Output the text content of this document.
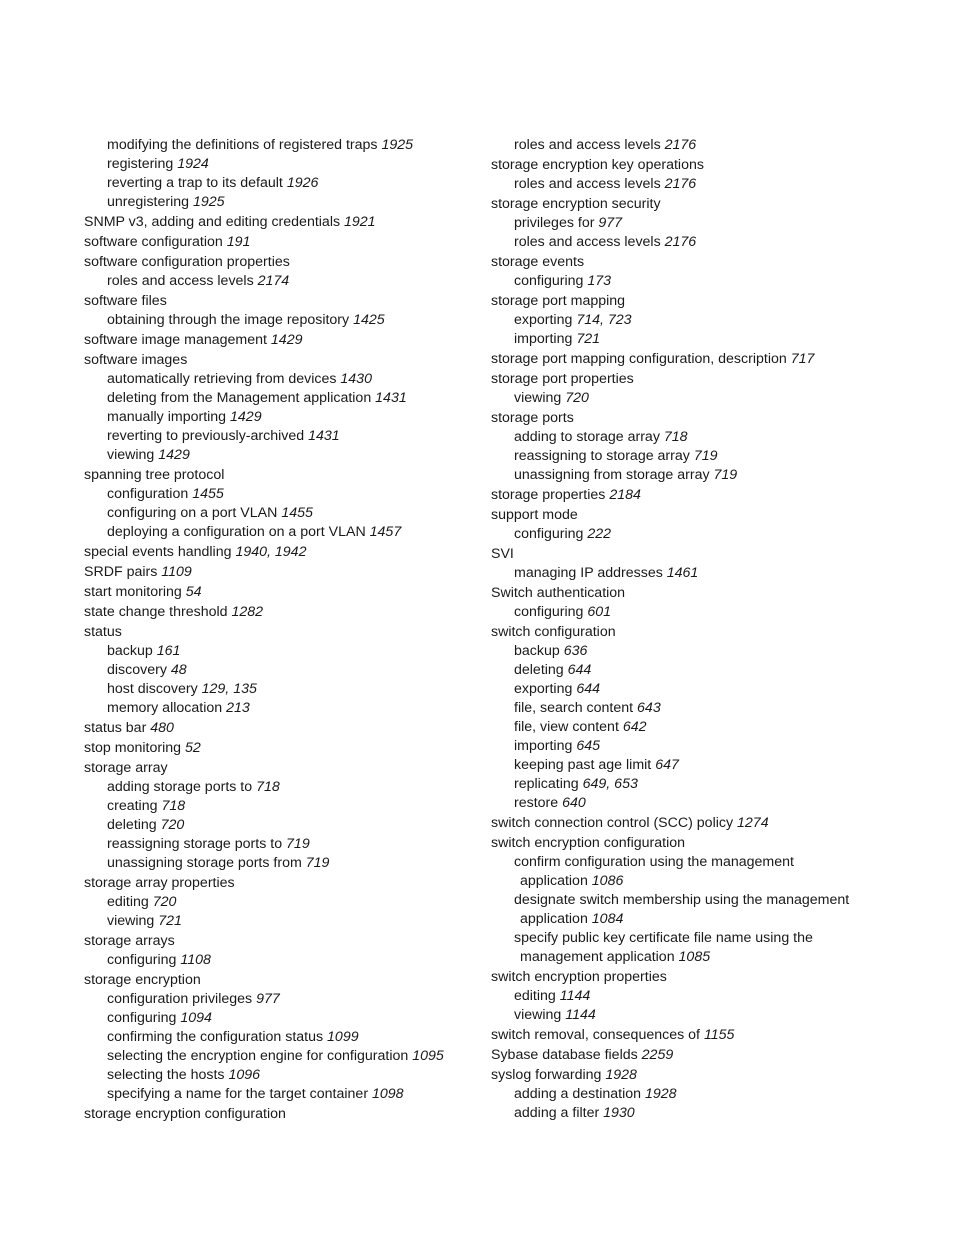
modifying the definitions of registered traps 1925
registering 1924
reverting a trap to its default 1926
unregistering 1925
SNMP v3, adding and editing credentials 1921
software configuration 191
software configuration properties
roles and access levels 2174
software files
obtaining through the image repository 1425
software image management 1429
software images
automatically retrieving from devices 1430
deleting from the Management application 1431
manually importing 1429
reverting to previously-archived 1431
viewing 1429
spanning tree protocol
configuration 1455
configuring on a port VLAN 1455
deploying a configuration on a port VLAN 1457
special events handling 1940, 1942
SRDF pairs 1109
start monitoring 54
state change threshold 1282
status
backup 161
discovery 48
host discovery 129, 135
memory allocation 213
status bar 480
stop monitoring 52
storage array
adding storage ports to 718
creating 718
deleting 720
reassigning storage ports to 719
unassigning storage ports from 719
storage array properties
editing 720
viewing 721
storage arrays
configuring 1108
storage encryption
configuration privileges 977
configuring 1094
confirming the configuration status 1099
selecting the encryption engine for configuration 1095
selecting the hosts 1096
specifying a name for the target container 1098
storage encryption configuration
roles and access levels 2176
storage encryption key operations
roles and access levels 2176
storage encryption security
privileges for 977
roles and access levels 2176
storage events
configuring 173
storage port mapping
exporting 714, 723
importing 721
storage port mapping configuration, description 717
storage port properties
viewing 720
storage ports
adding to storage array 718
reassigning to storage array 719
unassigning from storage array 719
storage properties 2184
support mode
configuring 222
SVI
managing IP addresses 1461
Switch authentication
configuring 601
switch configuration
backup 636
deleting 644
exporting 644
file, search content 643
file, view content 642
importing 645
keeping past age limit 647
replicating 649, 653
restore 640
switch connection control (SCC) policy 1274
switch encryption configuration
confirm configuration using the management
application 1086
designate switch membership using the management
application 1084
specify public key certificate file name using the
management application 1085
switch encryption properties
editing 1144
viewing 1144
switch removal, consequences of 1155
Sybase database fields 2259
syslog forwarding 1928
adding a destination 1928
adding a filter 1930
